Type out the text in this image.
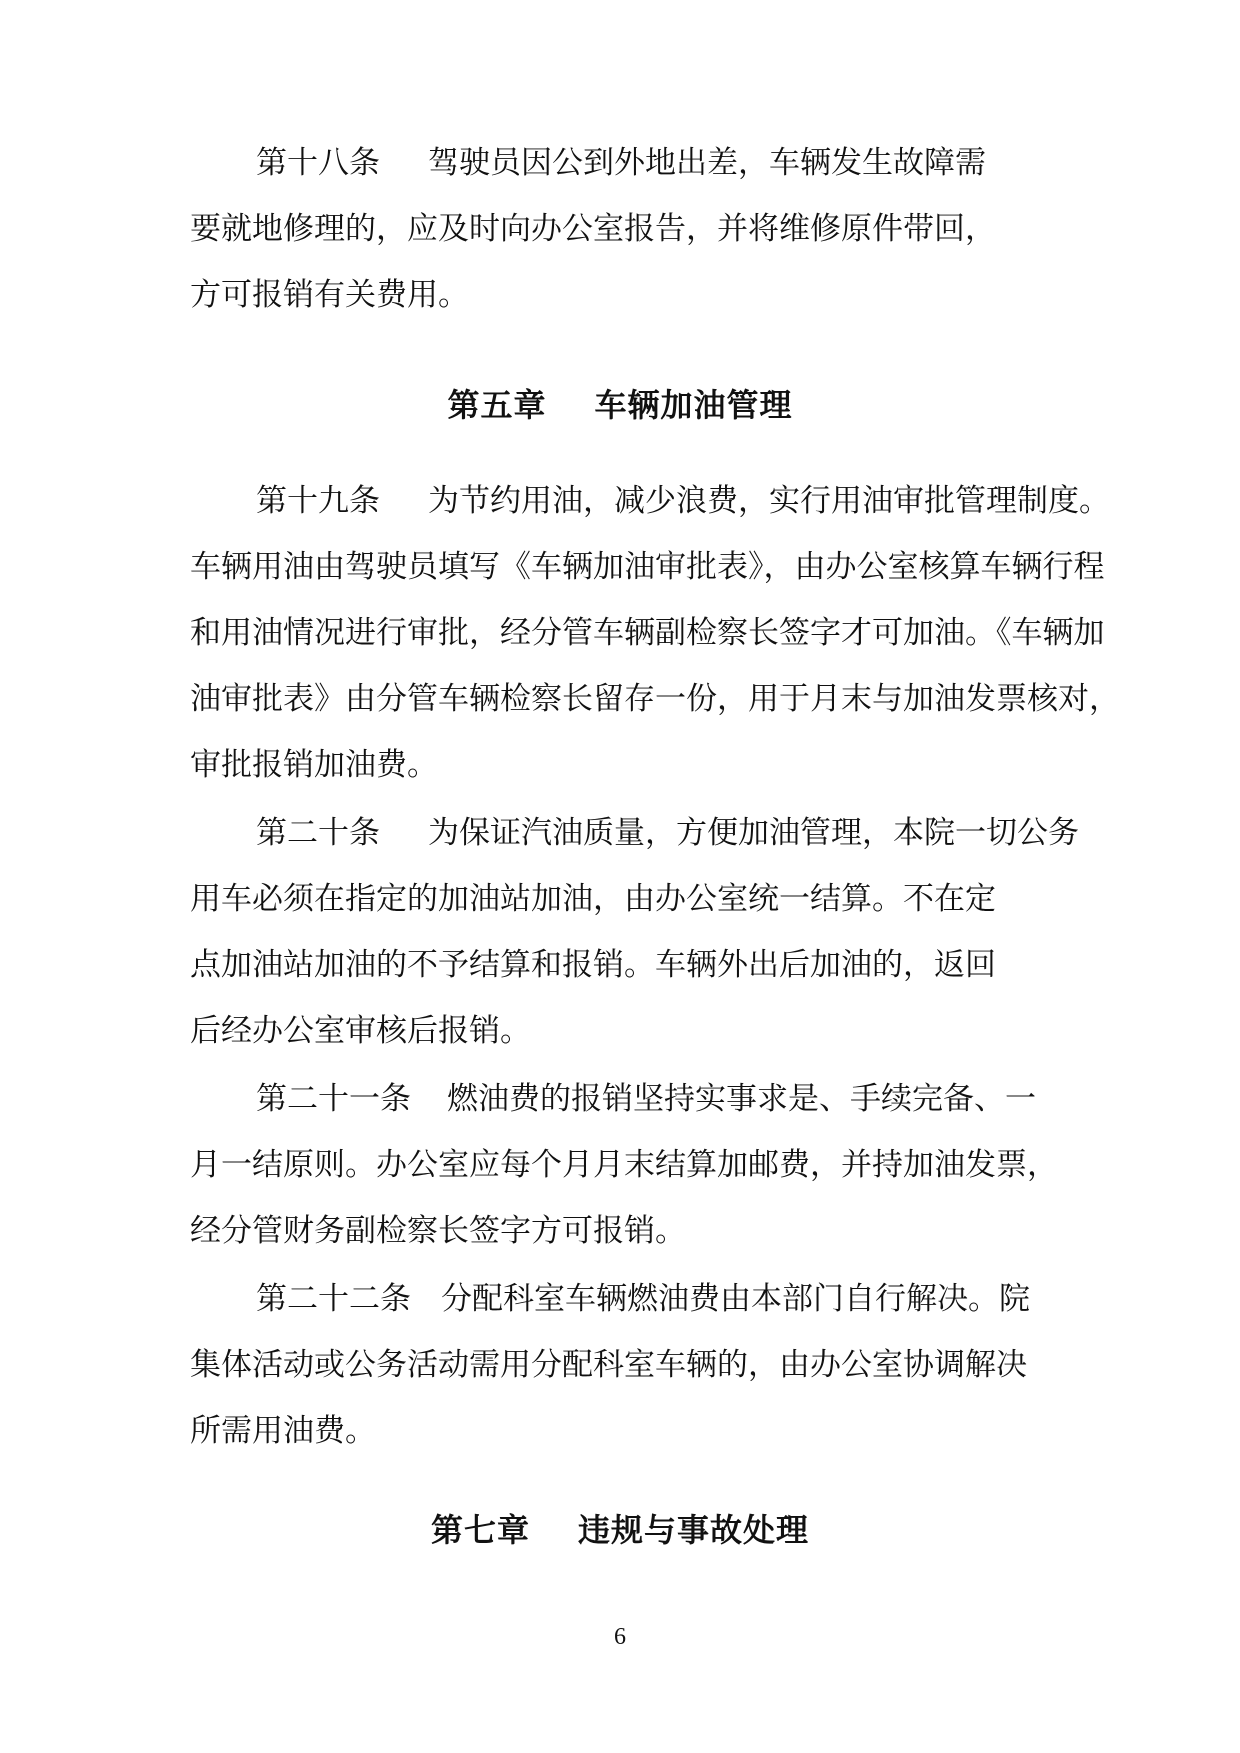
第十八条 驾驶员因公到外地出差，车辆发生故障需
要就地修理的，应及时向办公室报告，并将维修原件带回，
方可报销有关费用。
第五章 车辆加油管理
第十九条 为节约用油，减少浪费，实行用油审批管理制度。
车辆用油由驾驶员填写《车辆加油审批表》，由办公室核算车辆行程
和用油情况进行审批，经分管车辆副检察长签字才可加油。《车辆加
油审批表》由分管车辆检察长留存一份，用于月末与加油发票核对，
审批报销加油费。
第二十条 为保证汽油质量，方便加油管理，本院一切公务
用车必须在指定的加油站加油，由办公室统一结算。不在定
点加油站加油的不予结算和报销。车辆外出后加油的，返回
后经办公室审核后报销。
第二十一条 燃油费的报销坚持实事求是、手续完备、一
月一结原则。办公室应每个月月末结算加邮费，并持加油发票，
经分管财务副检察长签字方可报销。
第二十二条 分配科室车辆燃油费由本部门自行解决。院
集体活动或公务活动需用分配科室车辆的，由办公室协调解决
所需用油费。
第七章 违规与事故处理
6
